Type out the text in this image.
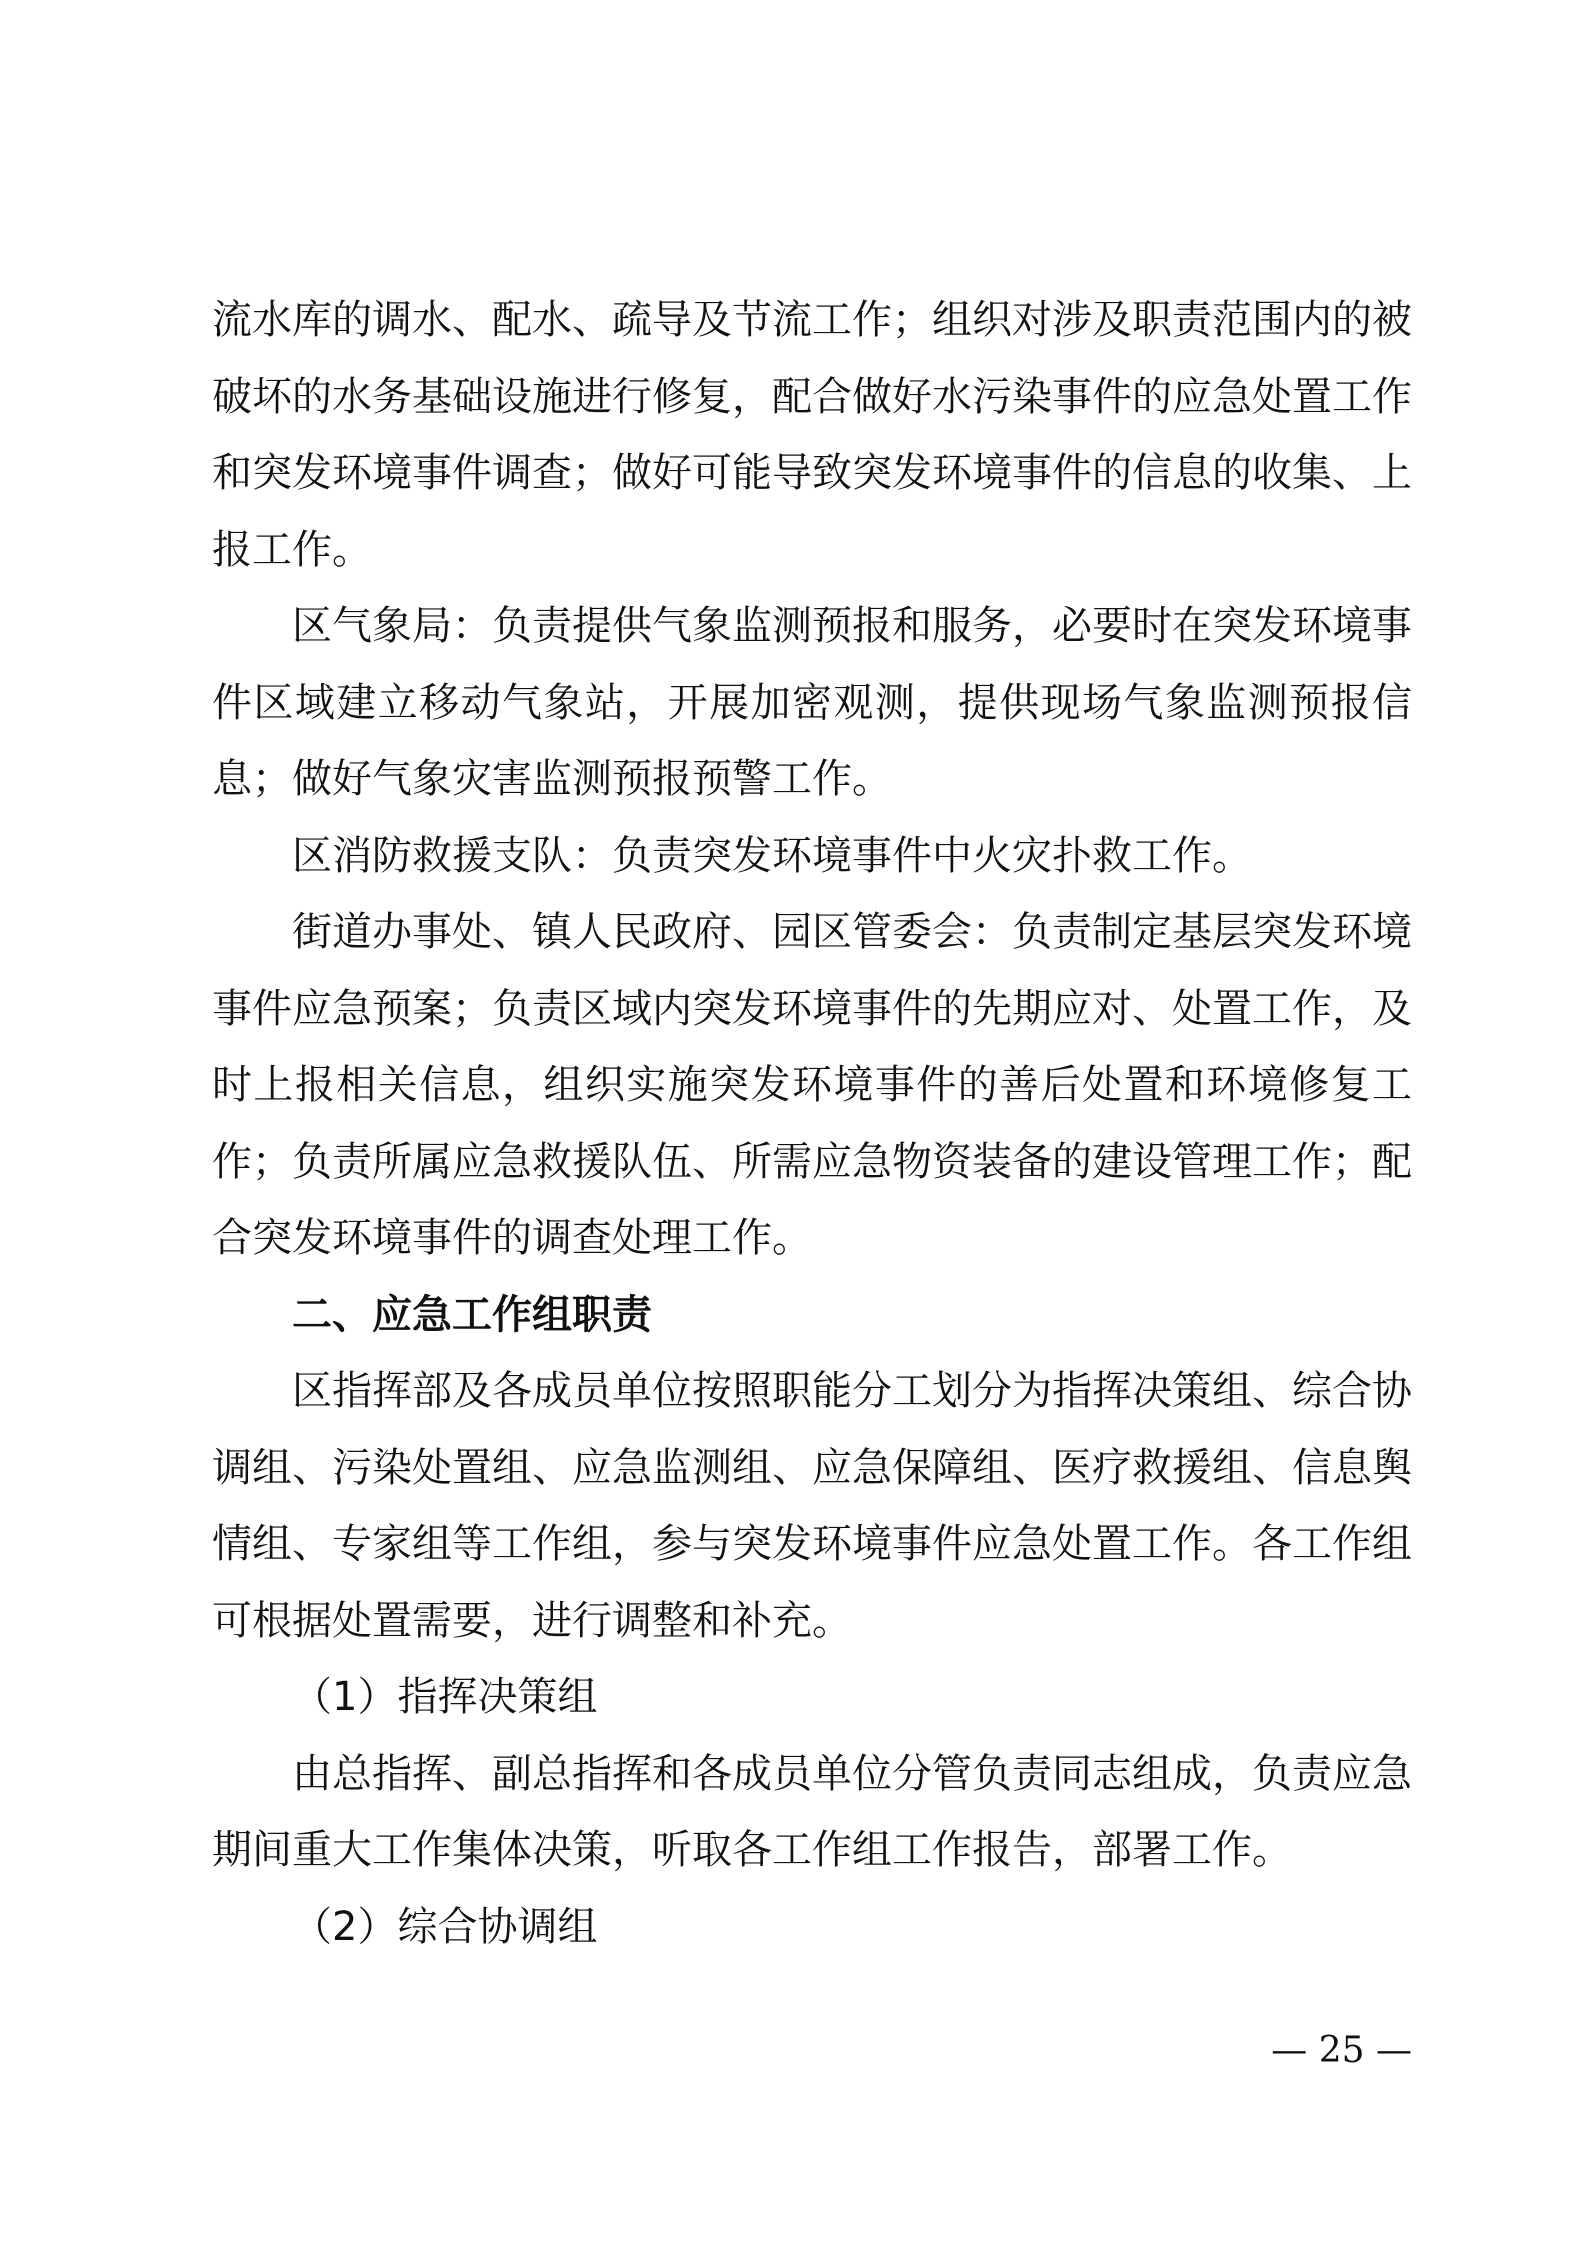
流水库的调水、配水、疏导及节流工作；组织对涉及职责范围内的被破坏的水务基础设施进行修复，配合做好水污染事件的应急处置工作和突发环境事件调查；做好可能导致突发环境事件的信息的收集、上报工作。

区气象局：负责提供气象监测预报和服务，必要时在突发环境事件区域建立移动气象站，开展加密观测，提供现场气象监测预报信息；做好气象灾害监测预报预警工作。

区消防救援支队：负责突发环境事件中火灾扑救工作。

街道办事处、镇人民政府、园区管委会：负责制定基层突发环境事件应急预案；负责区域内突发环境事件的先期应对、处置工作，及时上报相关信息，组织实施突发环境事件的善后处置和环境修复工作；负责所属应急救援队伍、所需应急物资装备的建设管理工作；配合突发环境事件的调查处理工作。

二、应急工作组职责

区指挥部及各成员单位按照职能分工划分为指挥决策组、综合协调组、污染处置组、应急监测组、应急保障组、医疗救援组、信息舆情组、专家组等工作组，参与突发环境事件应急处置工作。各工作组可根据处置需要，进行调整和补充。

（1）指挥决策组

由总指挥、副总指挥和各成员单位分管负责同志组成，负责应急期间重大工作集体决策，听取各工作组工作报告，部署工作。

（2）综合协调组

— 25 —
